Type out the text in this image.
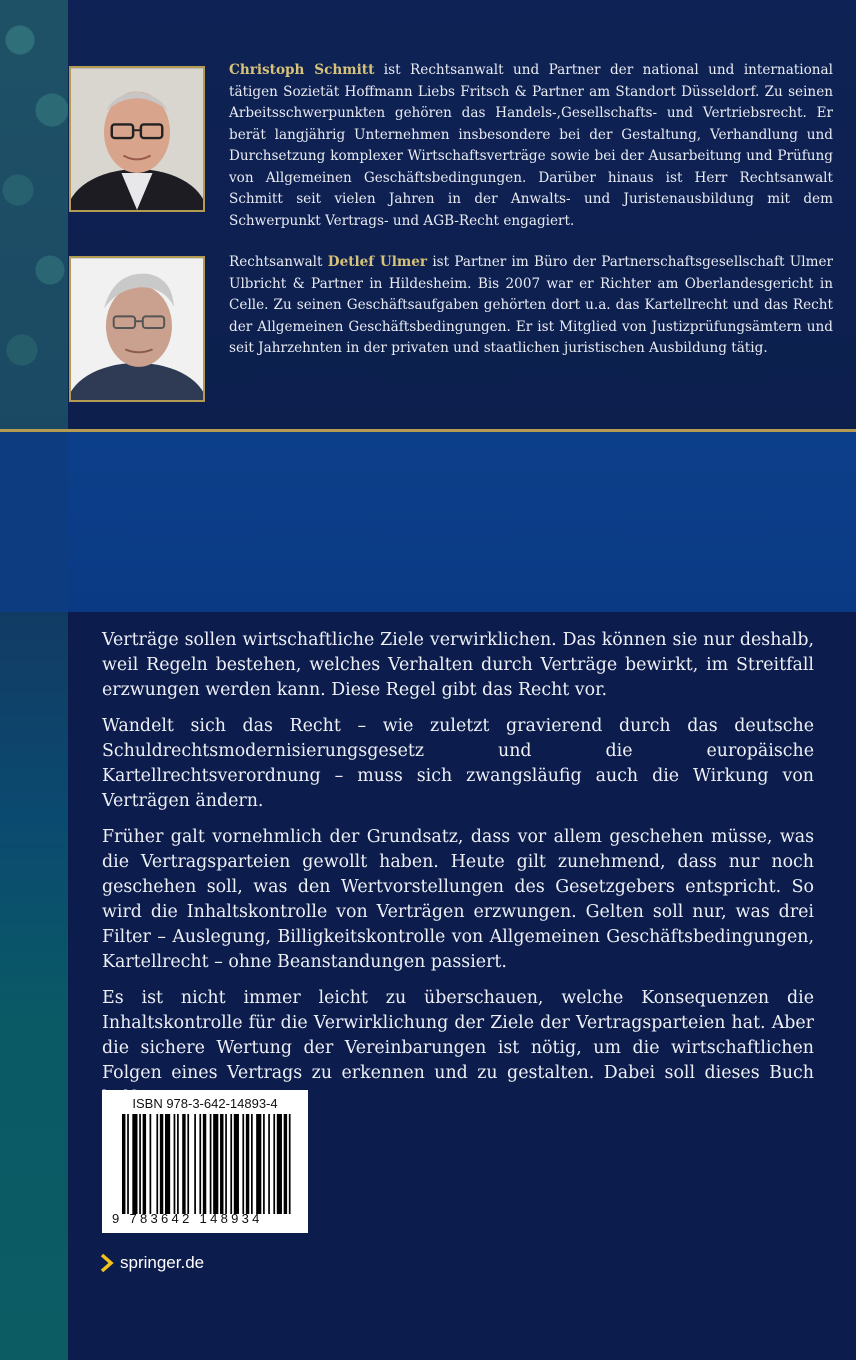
Christoph Schmitt ist Rechtsanwalt und Partner der national und international tätigen Sozietät Hoffmann Liebs Fritsch & Partner am Standort Düsseldorf. Zu seinen Arbeitsschwerpunkten gehören das Handels-,Gesellschafts- und Vertriebsrecht. Er berät langjährig Unternehmen insbesondere bei der Gestaltung, Verhandlung und Durchsetzung komplexer Wirtschaftsverträge sowie bei der Ausarbeitung und Prüfung von Allgemeinen Geschäftsbedingungen. Darüber hinaus ist Herr Rechtsanwalt Schmitt seit vielen Jahren in der Anwalts- und Juristenausbildung mit dem Schwerpunkt Vertrags- und AGB-Recht engagiert.

Rechtsanwalt Detlef Ulmer ist Partner im Büro der Partnerschaftsgesellschaft Ulmer Ulbricht & Partner in Hildesheim. Bis 2007 war er Richter am Oberlandesgericht in Celle. Zu seinen Geschäftsaufgaben gehörten dort u.a. das Kartellrecht und das Recht der Allgemeinen Geschäftsbedingungen. Er ist Mitglied von Justizprüfungsämtern und seit Jahrzehnten in der privaten und staatlichen juristischen Ausbildung tätig.

Verträge sollen wirtschaftliche Ziele verwirklichen. Das können sie nur deshalb, weil Regeln bestehen, welches Verhalten durch Verträge bewirkt, im Streitfall erzwungen werden kann. Diese Regel gibt das Recht vor.

Wandelt sich das Recht – wie zuletzt gravierend durch das deutsche Schuldrechtsmodernisierungsgesetz und die europäische Kartellrechtsverordnung – muss sich zwangsläufig auch die Wirkung von Verträgen ändern.

Früher galt vornehmlich der Grundsatz, dass vor allem geschehen müsse, was die Vertragsparteien gewollt haben. Heute gilt zunehmend, dass nur noch geschehen soll, was den Wertvorstellungen des Gesetzgebers entspricht. So wird die Inhaltskontrolle von Verträgen erzwungen. Gelten soll nur, was drei Filter – Auslegung, Billigkeitskontrolle von Allgemeinen Geschäftsbedingungen, Kartellrecht – ohne Beanstandungen passiert.

Es ist nicht immer leicht zu überschauen, welche Konsequenzen die Inhaltskontrolle für die Verwirklichung der Ziele der Vertragsparteien hat. Aber die sichere Wertung der Vereinbarungen ist nötig, um die wirtschaftlichen Folgen eines Vertrags zu erkennen und zu gestalten. Dabei soll dieses Buch

ISBN 978-3-642-14893-4
9 783642 148934
springer.de
